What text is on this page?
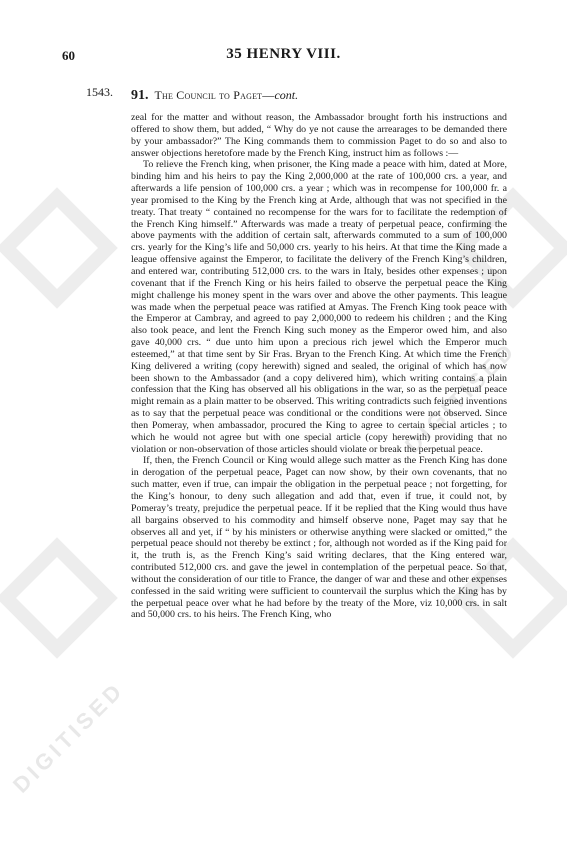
DIGITISED
DIGITISED
60	35 HENRY VIII.
1543. 91. The Council to Paget—cont.

zeal for the matter and without reason, the Ambassador brought forth his instructions and offered to show them, but added, “ Why do ye not cause the arrearages to be demanded there by your ambassador?” The King commands them to commission Paget to do so and also to answer objections heretofore made by the French King, instruct him as follows :—

To relieve the French king, when prisoner, the King made a peace with him, dated at More, binding him and his heirs to pay the King 2,000,000 at the rate of 100,000 crs. a year, and afterwards a life pension of 100,000 crs. a year ; which was in recompense for 100,000 fr. a year promised to the King by the French king at Arde, although that was not specified in the treaty. That treaty “ contained no recompense for the wars for to facilitate the redemption of the French King himself.” Afterwards was made a treaty of perpetual peace, confirming the above payments with the addition of certain salt, afterwards commuted to a sum of 100,000 crs. yearly for the King’s life and 50,000 crs. yearly to his heirs. At that time the King made a league offensive against the Emperor, to facilitate the delivery of the French King’s children, and entered war, contributing 512,000 crs. to the wars in Italy, besides other expenses ; upon covenant that if the French King or his heirs failed to observe the perpetual peace the King might challenge his money spent in the wars over and above the other payments. This league was made when the perpetual peace was ratified at Amyas. The French King took peace with the Emperor at Cambray, and agreed to pay 2,000,000 to redeem his children ; and the King also took peace, and lent the French King such money as the Emperor owed him, and also gave 40,000 crs. “ due unto him upon a precious rich jewel which the Emperor much esteemed,” at that time sent by Sir Fras. Bryan to the French King. At which time the French King delivered a writing (copy herewith) signed and sealed, the original of which has now been shown to the Ambassador (and a copy delivered him), which writing contains a plain confession that the King has observed all his obligations in the war, so as the perpetual peace might remain as a plain matter to be observed. This writing contradicts such feigned inventions as to say that the perpetual peace was conditional or the conditions were not observed. Since then Pomeray, when ambassador, procured the King to agree to certain special articles ; to which he would not agree but with one special article (copy herewith) providing that no violation or non-observation of those articles should violate or break the perpetual peace.

If, then, the French Council or King would allege such matter as the French King has done in derogation of the perpetual peace, Paget can now show, by their own covenants, that no such matter, even if true, can impair the obligation in the perpetual peace ; not forgetting, for the King’s honour, to deny such allegation and add that, even if true, it could not, by Pomeray’s treaty, prejudice the perpetual peace. If it be replied that the King would thus have all bargains observed to his commodity and himself observe none, Paget may say that he observes all and yet, if “ by his ministers or otherwise anything were slacked or omitted,” the perpetual peace should not thereby be extinct ; for, although not worded as if the King paid for it, the truth is, as the French King’s said writing declares, that the King entered war, contributed 512,000 crs. and gave the jewel in contemplation of the perpetual peace. So that, without the consideration of our title to France, the danger of war and these and other expenses confessed in the said writing were sufficient to countervail the surplus which the King has by the perpetual peace over what he had before by the treaty of the More, viz 10,000 crs. in salt and 50,000 crs. to his heirs. The French King, who
